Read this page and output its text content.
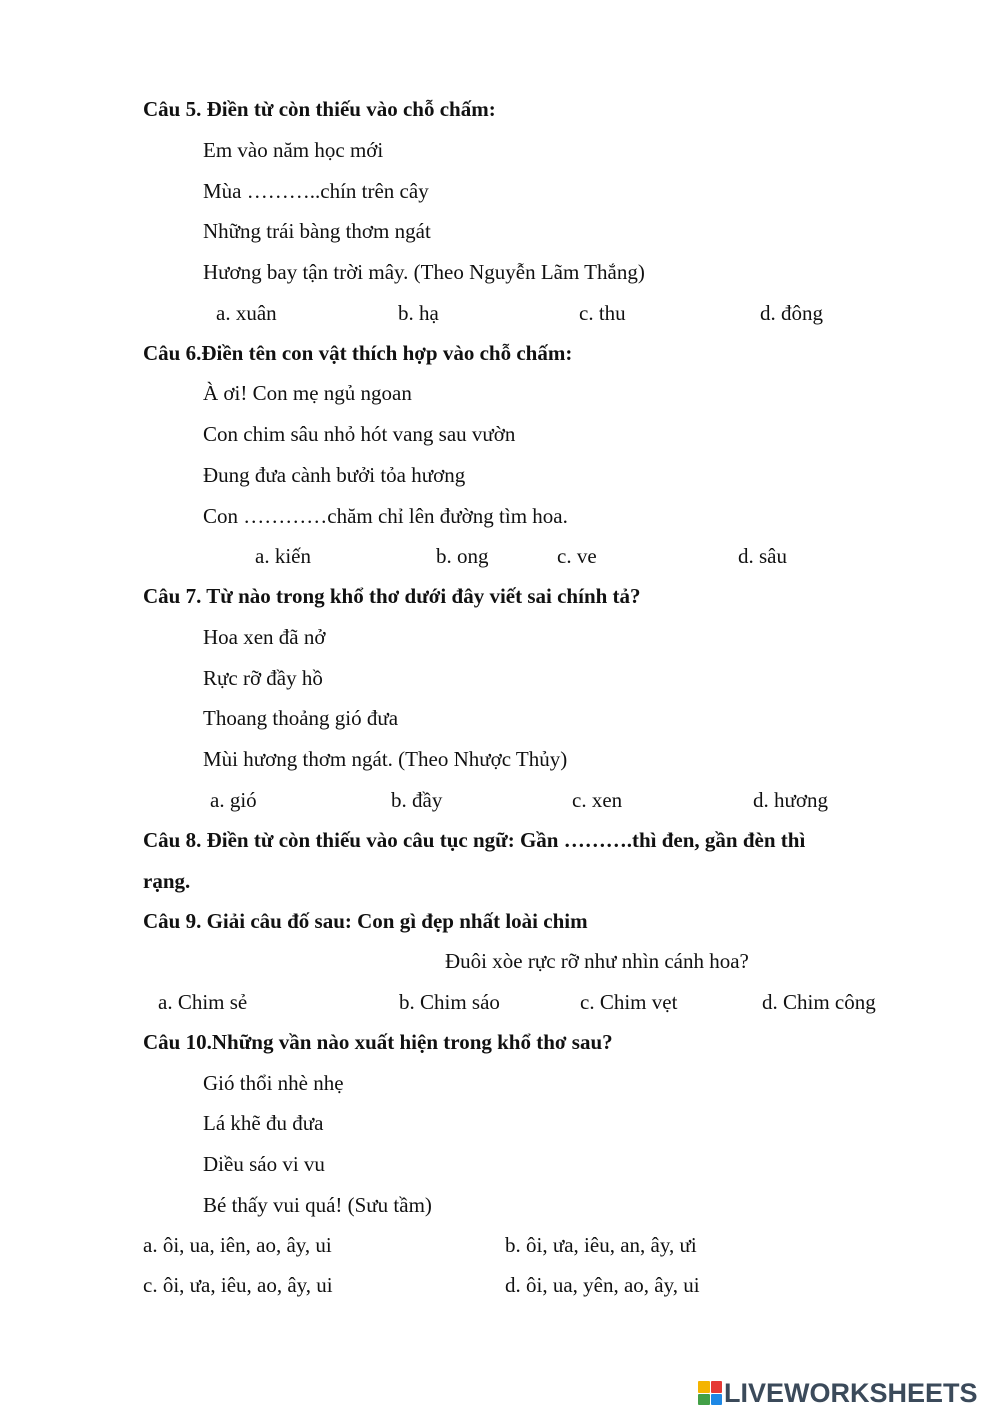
Câu 5. Điền từ còn thiếu vào chỗ chấm:
Em vào năm học mới
Mùa ………..chín trên cây
Những trái bàng thơm ngát
Hương bay tận trời mây. (Theo Nguyễn Lãm Thắng)
a. xuân	b. hạ	c. thu	d. đông
Câu 6.Điền tên con vật thích hợp vào chỗ chấm:
À ơi! Con mẹ ngủ ngoan
Con chim sâu nhỏ hót vang sau vườn
Đung đưa cành bưởi tỏa hương
Con …………chăm chỉ lên đường tìm hoa.
a. kiến	b. ong	c. ve	d. sâu
Câu 7. Từ nào trong khổ thơ dưới đây viết sai chính tả?
Hoa xen đã nở
Rực rỡ đầy hồ
Thoang thoảng gió đưa
Mùi hương thơm ngát. (Theo Nhược Thủy)
a. gió	b. đầy	c. xen	d. hương
Câu 8. Điền từ còn thiếu vào câu tục ngữ: Gần ……….thì đen, gần đèn thì
rạng.
Câu 9. Giải câu đố sau: Con gì đẹp nhất loài chim
Đuôi xòe rực rỡ như nhìn cánh hoa?
a. Chim sẻ	b. Chim sáo	c. Chim vẹt	d. Chim công
Câu 10.Những vần nào xuất hiện trong khổ thơ sau?
Gió thổi nhè nhẹ
Lá khẽ đu đưa
Diều sáo vi vu
Bé thấy vui quá! (Sưu tầm)
a. ôi, ua, iên, ao, ây, ui	b. ôi, ưa, iêu, an, ây, ưi
c. ôi, ưa, iêu, ao, ây, ui	d. ôi, ua, yên, ao, ây, ui
LIVEWORKSHEETS
